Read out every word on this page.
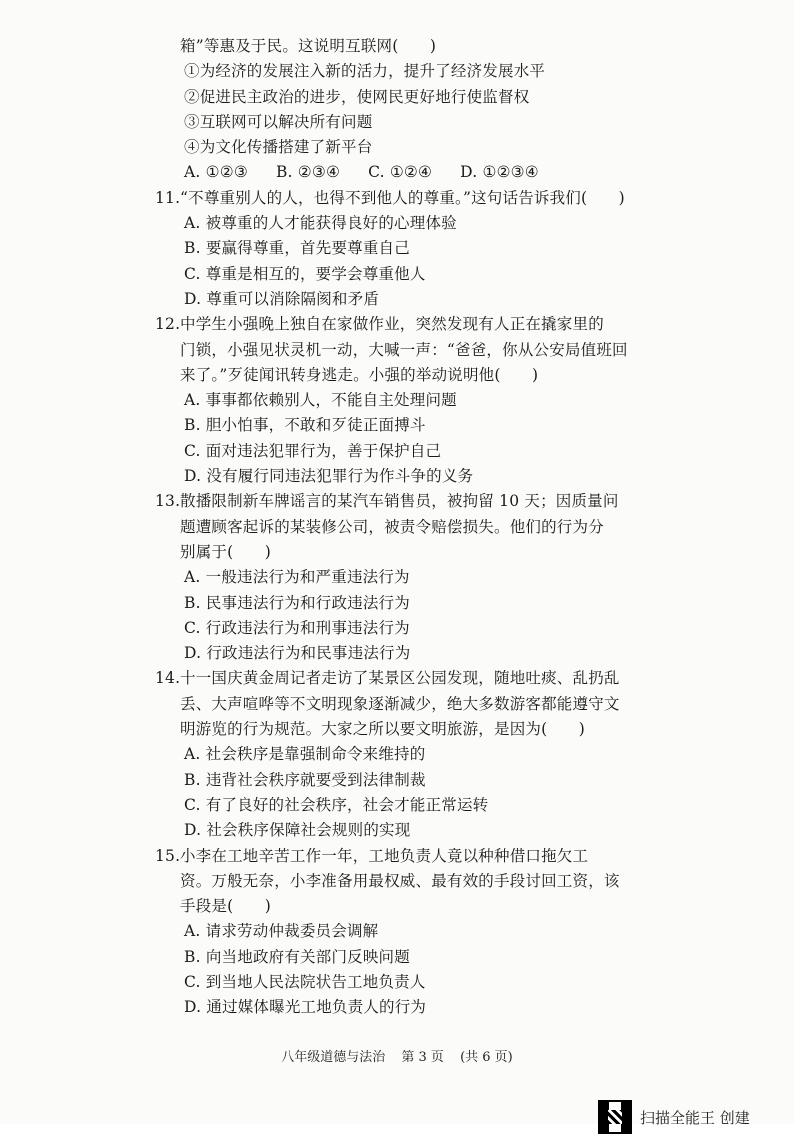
箱”等惠及于民。这说明互联网(　　)
①为经济的发展注入新的活力，提升了经济发展水平
②促进民主政治的进步，使网民更好地行使监督权
③互联网可以解决所有问题
④为文化传播搭建了新平台
A. ①②③ B. ②③④ C. ①②④ D. ①②③④
11. “不尊重别人的人，也得不到他人的尊重。”这句话告诉我们(　　)
A. 被尊重的人才能获得良好的心理体验
B. 要赢得尊重，首先要尊重自己
C. 尊重是相互的，要学会尊重他人
D. 尊重可以消除隔阂和矛盾
12. 中学生小强晚上独自在家做作业，突然发现有人正在撬家里的
门锁，小强见状灵机一动，大喊一声：“爸爸，你从公安局值班回
来了。”歹徒闻讯转身逃走。小强的举动说明他(　　)
A. 事事都依赖别人，不能自主处理问题
B. 胆小怕事，不敢和歹徒正面搏斗
C. 面对违法犯罪行为，善于保护自己
D. 没有履行同违法犯罪行为作斗争的义务
13. 散播限制新车牌谣言的某汽车销售员，被拘留 10 天；因质量问
题遭顾客起诉的某装修公司，被责令赔偿损失。他们的行为分
别属于(　　)
A. 一般违法行为和严重违法行为
B. 民事违法行为和行政违法行为
C. 行政违法行为和刑事违法行为
D. 行政违法行为和民事违法行为
14. 十一国庆黄金周记者走访了某景区公园发现，随地吐痰、乱扔乱
丢、大声喧哗等不文明现象逐渐减少，绝大多数游客都能遵守文
明游览的行为规范。大家之所以要文明旅游，是因为(　　)
A. 社会秩序是靠强制命令来维持的
B. 违背社会秩序就要受到法律制裁
C. 有了良好的社会秩序，社会才能正常运转
D. 社会秩序保障社会规则的实现
15. 小李在工地辛苦工作一年，工地负责人竟以种种借口拖欠工
资。万般无奈，小李准备用最权威、最有效的手段讨回工资，该
手段是(　　)
A. 请求劳动仲裁委员会调解
B. 向当地政府有关部门反映问题
C. 到当地人民法院状告工地负责人
D. 通过媒体曝光工地负责人的行为
八年级道德与法治 第 3 页 (共 6 页)
扫描全能王 创建
